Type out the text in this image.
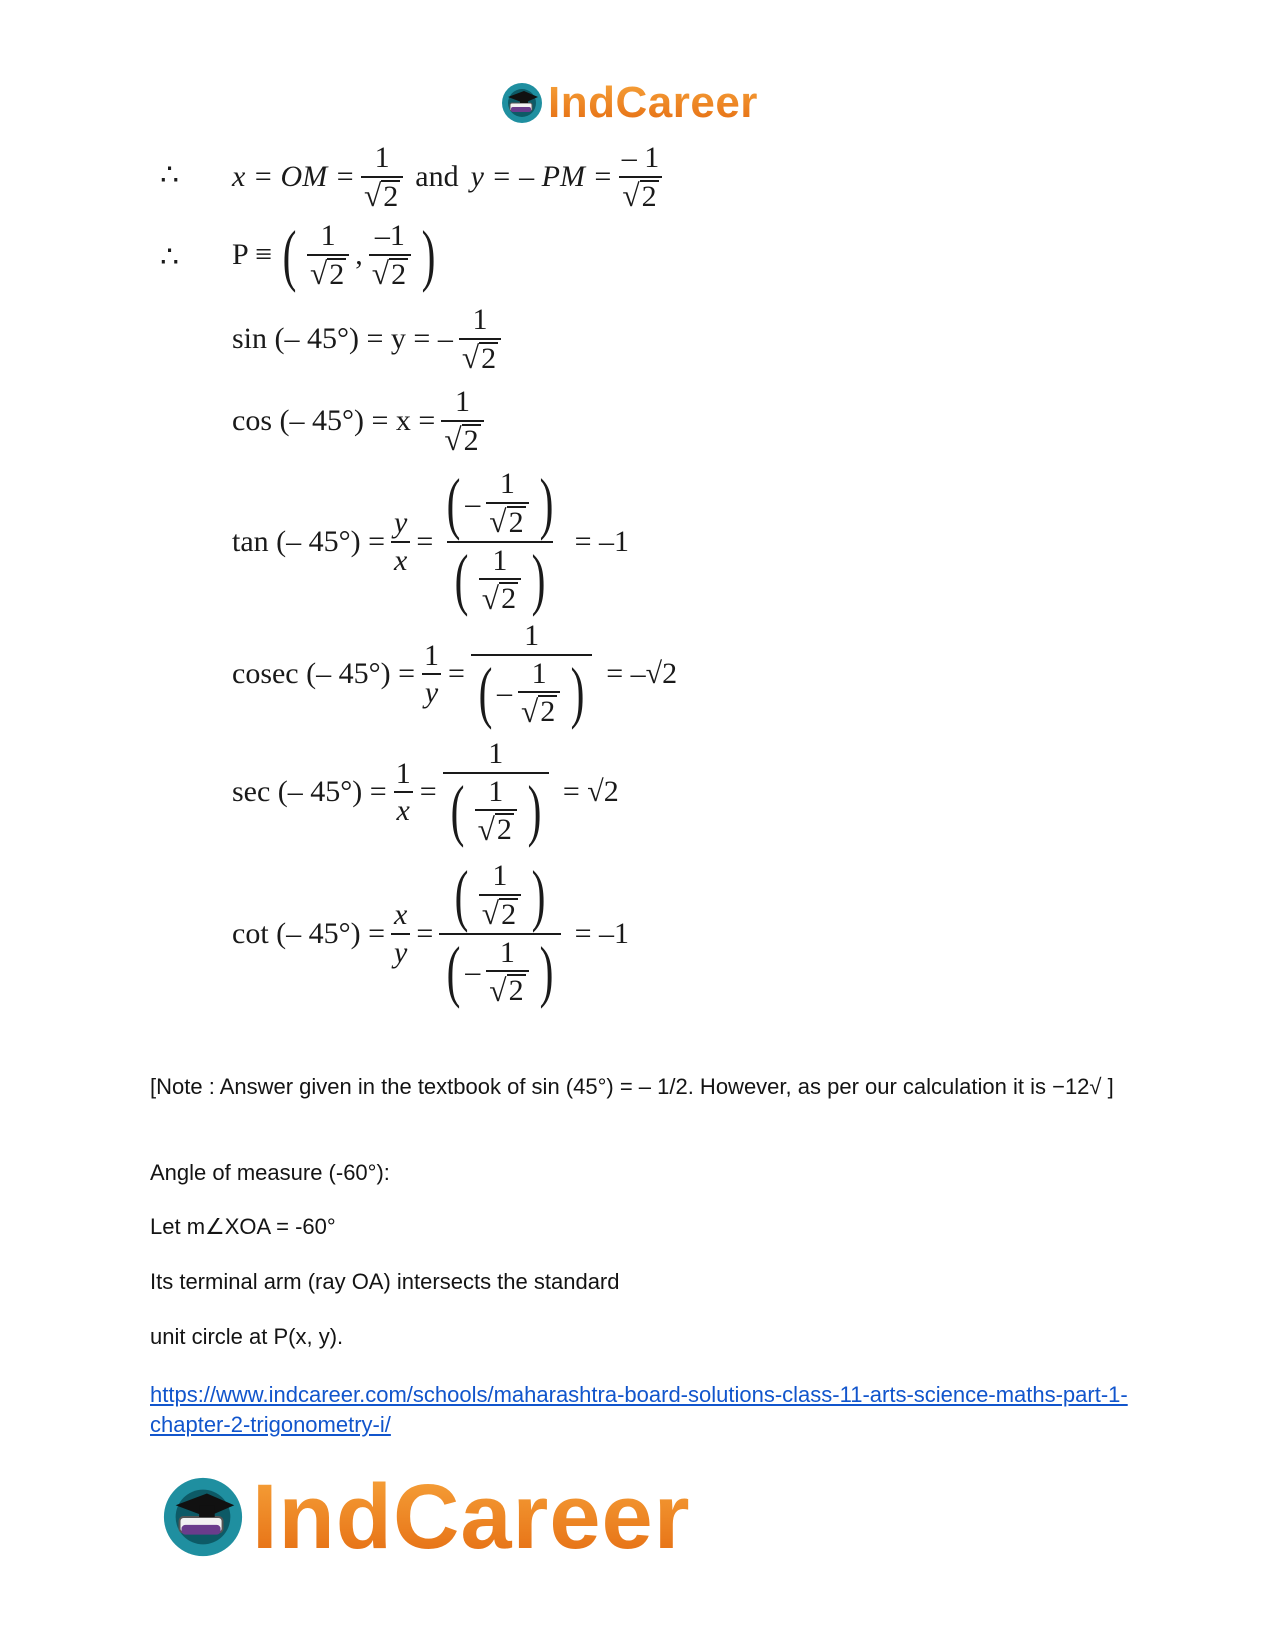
IndCareer
∴ x = OM = $\frac{1}{√ 2}$ and y = – PM = $\frac{- 1}{√ 2}$
∴ P ≡ ( $\frac{1}{√ 2}$ , $\frac{-1}{√ 2}$ )
sin (– 45°) = y = – $\frac{1}{√ 2}$
cos (– $45^\circ) = x = \frac{1}{√ 2}$
tan (– $45^\circ) = \frac{y}{x} = \frac{( - \frac{1}{√ 2} )}{( \frac{1}{√ 2} )} = -1$
cosec (– $45^\circ) = \frac{1}{y} = \frac{1}{( - \frac{1}{√ 2} )} = -√2$
sec (– $45^\circ) = \frac{1}{x} = \frac{1}{( \frac{1}{√ 2} )} = √2$
cot (– $45^\circ) = \frac{x}{y} = \frac{( \frac{1}{√ 2} )}{( - \frac{1}{√ 2} )} = -1$
[Note : Answer given in the textbook of sin (45°) = – 1/2. However, as per our calculation it is −12√ ]
Angle of measure (-60°):
Let m∠XOA = -60°
Its terminal arm (ray OA) intersects the standard
unit circle at P(x, y).
https://www.indcareer.com/schools/maharashtra-board-solutions-class-11-arts-science-maths-part-1-chapter-2-trigonometry-i/
IndCareer
